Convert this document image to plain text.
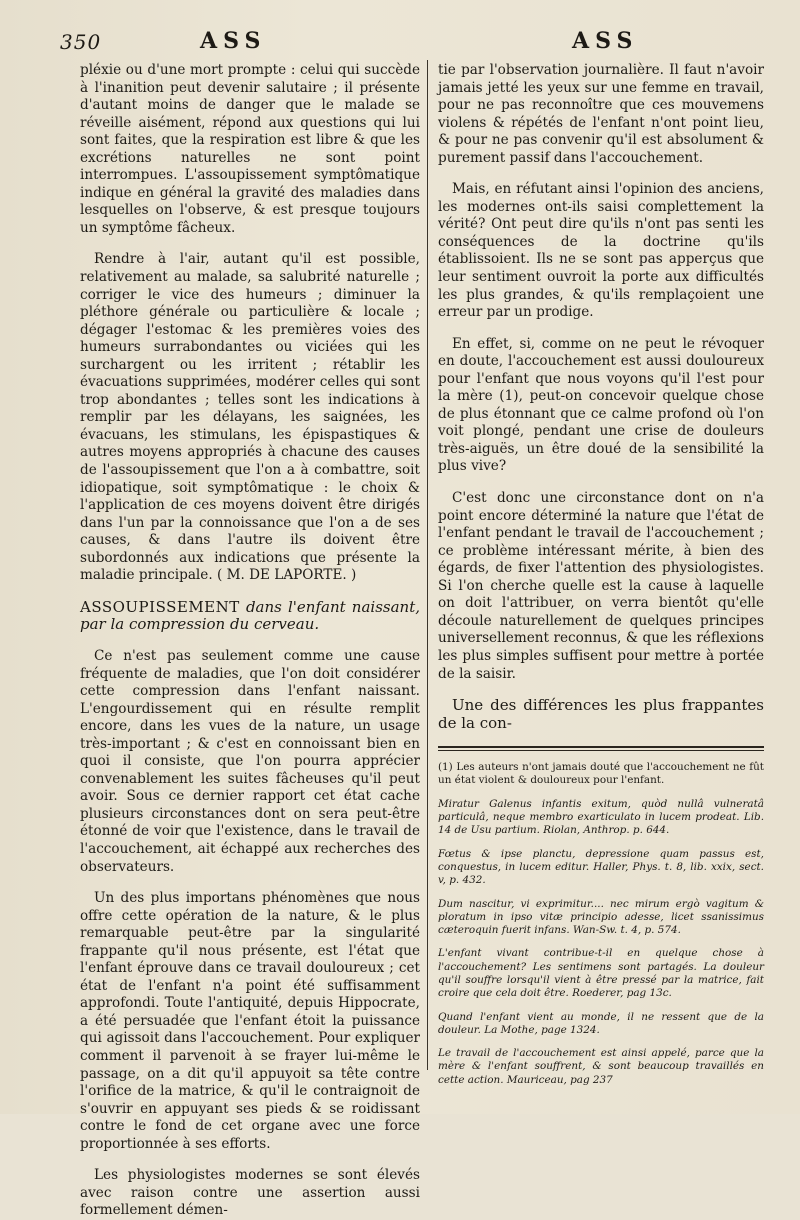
350	ASS	ASS

pléxie ou d'une mort prompte : celui qui succède à l'inanition peut devenir salutaire ; il présente d'autant moins de danger que le malade se réveille aisément, répond aux questions qui lui sont faites, que la respiration est libre & que les excrétions naturelles ne sont point interrompues. L'assoupissement symptômatique indique en général la gravité des maladies dans lesquelles on l'observe, & est presque toujours un symptôme fâcheux.

Rendre à l'air, autant qu'il est possible, relativement au malade, sa salubrité naturelle ; corriger le vice des humeurs ; diminuer la pléthore générale ou particulière & locale ; dégager l'estomac & les premières voies des humeurs surrabondantes ou viciées qui les surchargent ou les irritent ; rétablir les évacuations supprimées, modérer celles qui sont trop abondantes ; telles sont les indications à remplir par les délayans, les saignées, les évacuans, les stimulans, les épispastiques & autres moyens appropriés à chacune des causes de l'assoupissement que l'on a à combattre, soit idiopatique, soit symptômatique : le choix & l'application de ces moyens doivent être dirigés dans l'un par la connoissance que l'on a de ses causes, & dans l'autre ils doivent être subordonnés aux indications que présente la maladie principale. ( M. DE LAPORTE. )

ASSOUPISSEMENT dans l'enfant naissant, par la compression du cerveau.

Ce n'est pas seulement comme une cause fréquente de maladies, que l'on doit considérer cette compression dans l'enfant naissant. L'engourdissement qui en résulte remplit encore, dans les vues de la nature, un usage très-important ; & c'est en connoissant bien en quoi il consiste, que l'on pourra apprécier convenablement les suites fâcheuses qu'il peut avoir. Sous ce dernier rapport cet état cache plusieurs circonstances dont on sera peut-être étonné de voir que l'existence, dans le travail de l'accouchement, ait échappé aux recherches des observateurs.

Un des plus importans phénomènes que nous offre cette opération de la nature, & le plus remarquable peut-être par la singularité frappante qu'il nous présente, est l'état que l'enfant éprouve dans ce travail douloureux ; cet état de l'enfant n'a point été suffisamment approfondi. Toute l'antiquité, depuis Hippocrate, a été persuadée que l'enfant étoit la puissance qui agissoit dans l'accouchement. Pour expliquer comment il parvenoit à se frayer lui-même le passage, on a dit qu'il appuyoit sa tête contre l'orifice de la matrice, & qu'il le contraignoit de s'ouvrir en appuyant ses pieds & se roidissant contre le fond de cet organe avec une force proportionnée à ses efforts.

Les physiologistes modernes se sont élevés avec raison contre une assertion aussi formellement démen-

tie par l'observation journalière. Il faut n'avoir jamais jetté les yeux sur une femme en travail, pour ne pas reconnoître que ces mouvemens violens & répétés de l'enfant n'ont point lieu, & pour ne pas convenir qu'il est absolument & purement passif dans l'accouchement.

Mais, en réfutant ainsi l'opinion des anciens, les modernes ont-ils saisi complettement la vérité? Ont peut dire qu'ils n'ont pas senti les conséquences de la doctrine qu'ils établissoient. Ils ne se sont pas apperçus que leur sentiment ouvroit la porte aux difficultés les plus grandes, & qu'ils remplaçoient une erreur par un prodige.

En effet, si, comme on ne peut le révoquer en doute, l'accouchement est aussi douloureux pour l'enfant que nous voyons qu'il l'est pour la mère (1), peut-on concevoir quelque chose de plus étonnant que ce calme profond où l'on voit plongé, pendant une crise de douleurs très-aiguës, un être doué de la sensibilité la plus vive?

C'est donc une circonstance dont on n'a point encore déterminé la nature que l'état de l'enfant pendant le travail de l'accouchement ; ce problème intéressant mérite, à bien des égards, de fixer l'attention des physiologistes. Si l'on cherche quelle est la cause à laquelle on doit l'attribuer, on verra bientôt qu'elle découle naturellement de quelques principes universellement reconnus, & que les réflexions les plus simples suffisent pour mettre à portée de la saisir.

Une des différences les plus frappantes de la con-

(1) Les auteurs n'ont jamais douté que l'accouchement ne fût un état violent & douloureux pour l'enfant.

Miratur Galenus infantis exitum, quòd nullâ vulneratâ particulâ, neque membro exarticulato in lucem prodeat. Lib. 14 de Usu partium. Riolan, Anthrop. p. 644.

Fœtus & ipse planctu, depressione quam passus est, conquestus, in lucem editur. Haller, Phys. t. 8, lib. xxix, sect. v, p. 432.

Dum nascitur, vi exprimitur.... nec mirum ergò vagitum & ploratum in ipso vitæ principio adesse, licet ssanissimus cæteroquin fuerit infans. Wan-Sw. t. 4, p. 574.

L'enfant vivant contribue-t-il en quelque chose à l'accouchement? Les sentimens sont partagés. La douleur qu'il souffre lorsqu'il vient à être pressé par la matrice, fait croire que cela doit être. Roederer, pag 13c.

Quand l'enfant vient au monde, il ne ressent que de la douleur. La Mothe, page 1324.

Le travail de l'accouchement est ainsi appelé, parce que la mère & l'enfant souffrent, & sont beaucoup travaillés en cette action. Mauriceau, pag 237
